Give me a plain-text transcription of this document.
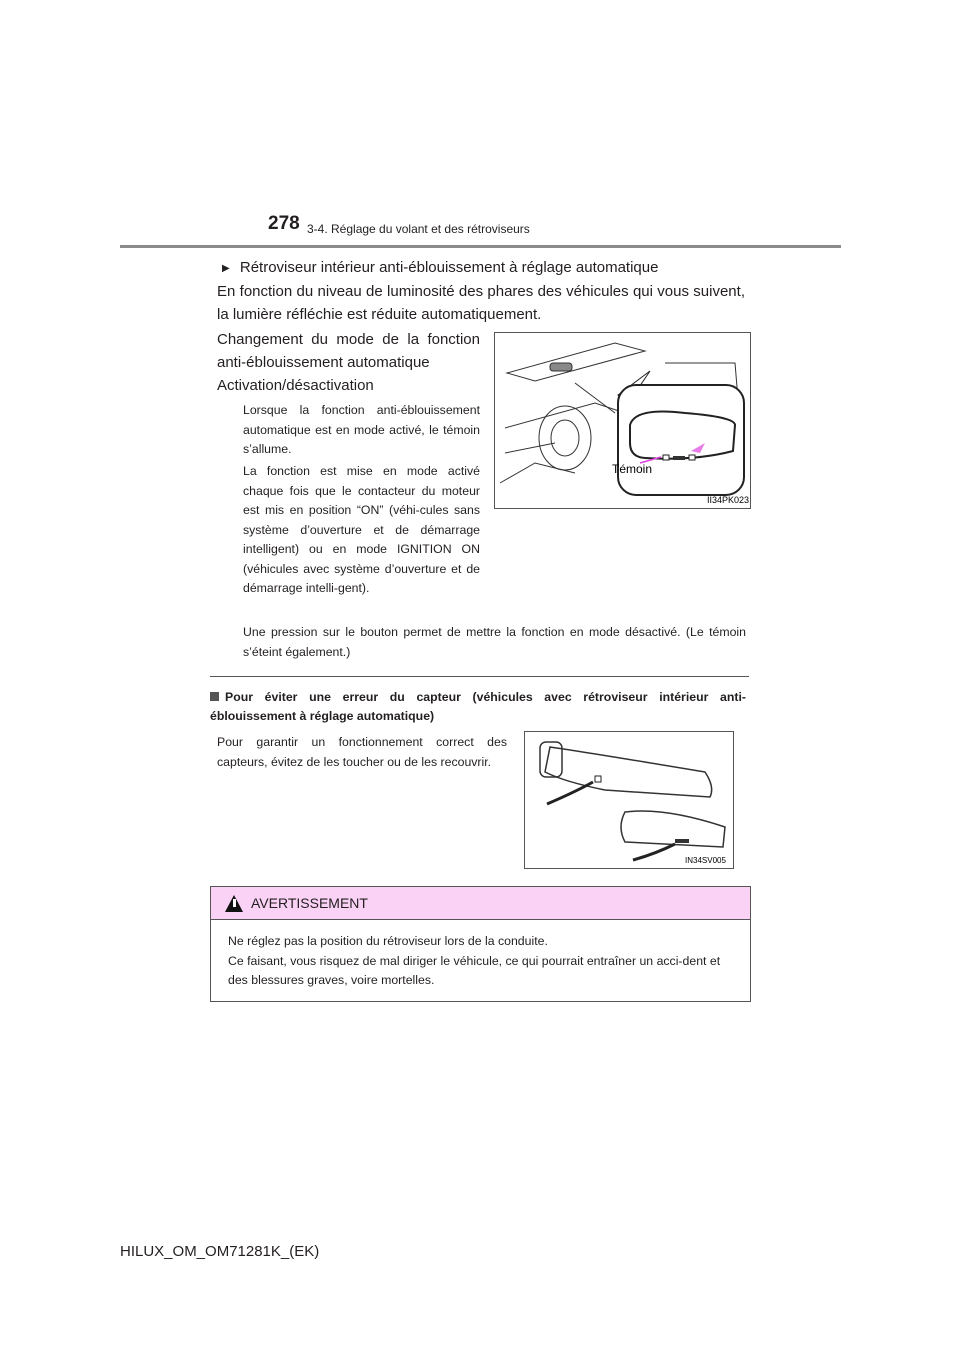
278 3-4. Réglage du volant et des rétroviseurs
▶ Rétroviseur intérieur anti-éblouissement à réglage automatique
En fonction du niveau de luminosité des phares des véhicules qui vous suivent, la lumière réfléchie est réduite automatiquement.
Changement du mode de la fonction anti-éblouissement automatique
Activation/désactivation
Lorsque la fonction anti-éblouissement automatique est en mode activé, le témoin s’allume.
La fonction est mise en mode activé chaque fois que le contacteur du moteur est mis en position “ON” (véhi-cules sans système d’ouverture et de démarrage intelligent) ou en mode IGNITION ON (véhicules avec système d’ouverture et de démarrage intelli-gent).
Une pression sur le bouton permet de mettre la fonction en mode désactivé. (Le témoin s’éteint également.)
Témoin
II34PK023
Pour éviter une erreur du capteur (véhicules avec rétroviseur intérieur anti-éblouissement à réglage automatique)
Pour garantir un fonctionnement correct des capteurs, évitez de les toucher ou de les recouvrir.
IN34SV005
AVERTISSEMENT
Ne réglez pas la position du rétroviseur lors de la conduite.
Ce faisant, vous risquez de mal diriger le véhicule, ce qui pourrait entraîner un acci-dent et des blessures graves, voire mortelles.
HILUX_OM_OM71281K_(EK)
